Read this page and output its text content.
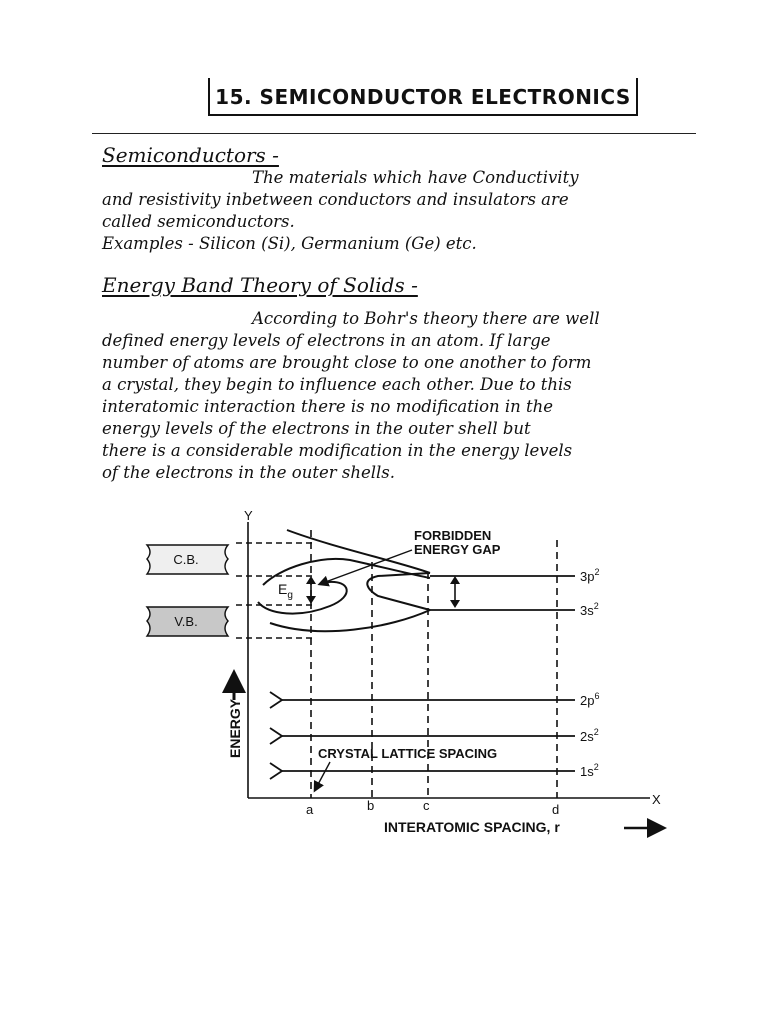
15. SEMICONDUCTOR ELECTRONICS
Semiconductors -

The materials which have Conductivity

and resistivity inbetween conductors and insulators are

called semiconductors.

Examples - Silicon (Si), Germanium (Ge) etc.

Energy Band Theory of Solids -

According to Bohr's theory there are well

defined energy levels of electrons in an atom. If large

number of atoms are brought close to one another to form

a crystal, they begin to influence each other. Due to this

interatomic interaction there is no modification in the

energy levels of the electrons in the outer shell but

there is a considerable modification in the energy levels

of the electrons in the outer shells.

Y
X
C.B.
V.B.
$3p^2$
$3s^2$
$2p^6$
$2s^2$
$1s^2$
$E_g$
FORBIDDEN
ENERGY GAP
CRYSTAL LATTICE SPACING
a	b	c	d
ENERGY
INTERATOMIC SPACING, r
